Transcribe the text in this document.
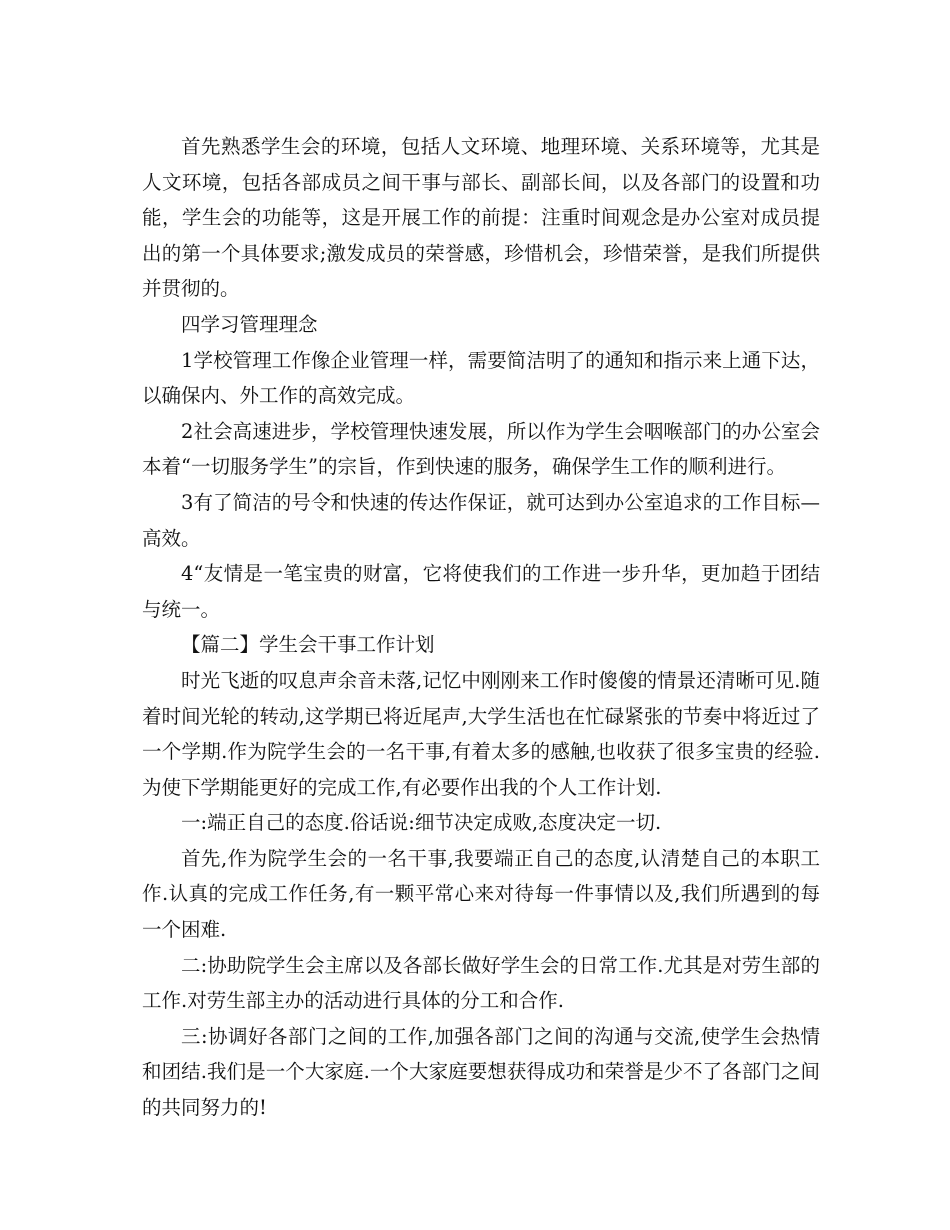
首先熟悉学生会的环境，包括人文环境、地理环境、关系环境等，尤其是人文环境，包括各部成员之间干事与部长、副部长间，以及各部门的设置和功能，学生会的功能等，这是开展工作的前提：注重时间观念是办公室对成员提出的第一个具体要求;激发成员的荣誉感，珍惜机会，珍惜荣誉，是我们所提供并贯彻的。

四学习管理理念

1学校管理工作像企业管理一样，需要简洁明了的通知和指示来上通下达，以确保内、外工作的高效完成。

2社会高速进步，学校管理快速发展，所以作为学生会咽喉部门的办公室会本着“一切服务学生”的宗旨，作到快速的服务，确保学生工作的顺利进行。

3有了简洁的号令和快速的传达作保证，就可达到办公室追求的工作目标—高效。

4“友情是一笔宝贵的财富，它将使我们的工作进一步升华，更加趋于团结与统一。

【篇二】学生会干事工作计划

时光飞逝的叹息声余音未落,记忆中刚刚来工作时傻傻的情景还清晰可见.随着时间光轮的转动,这学期已将近尾声,大学生活也在忙碌紧张的节奏中将近过了一个学期.作为院学生会的一名干事,有着太多的感触,也收获了很多宝贵的经验.为使下学期能更好的完成工作,有必要作出我的个人工作计划.

一:端正自己的态度.俗话说:细节决定成败,态度决定一切.

首先,作为院学生会的一名干事,我要端正自己的态度,认清楚自己的本职工作.认真的完成工作任务,有一颗平常心来对待每一件事情以及,我们所遇到的每一个困难.

二:协助院学生会主席以及各部长做好学生会的日常工作.尤其是对劳生部的工作.对劳生部主办的活动进行具体的分工和合作.

三:协调好各部门之间的工作,加强各部门之间的沟通与交流,使学生会热情和团结.我们是一个大家庭.一个大家庭要想获得成功和荣誉是少不了各部门之间的共同努力的!
